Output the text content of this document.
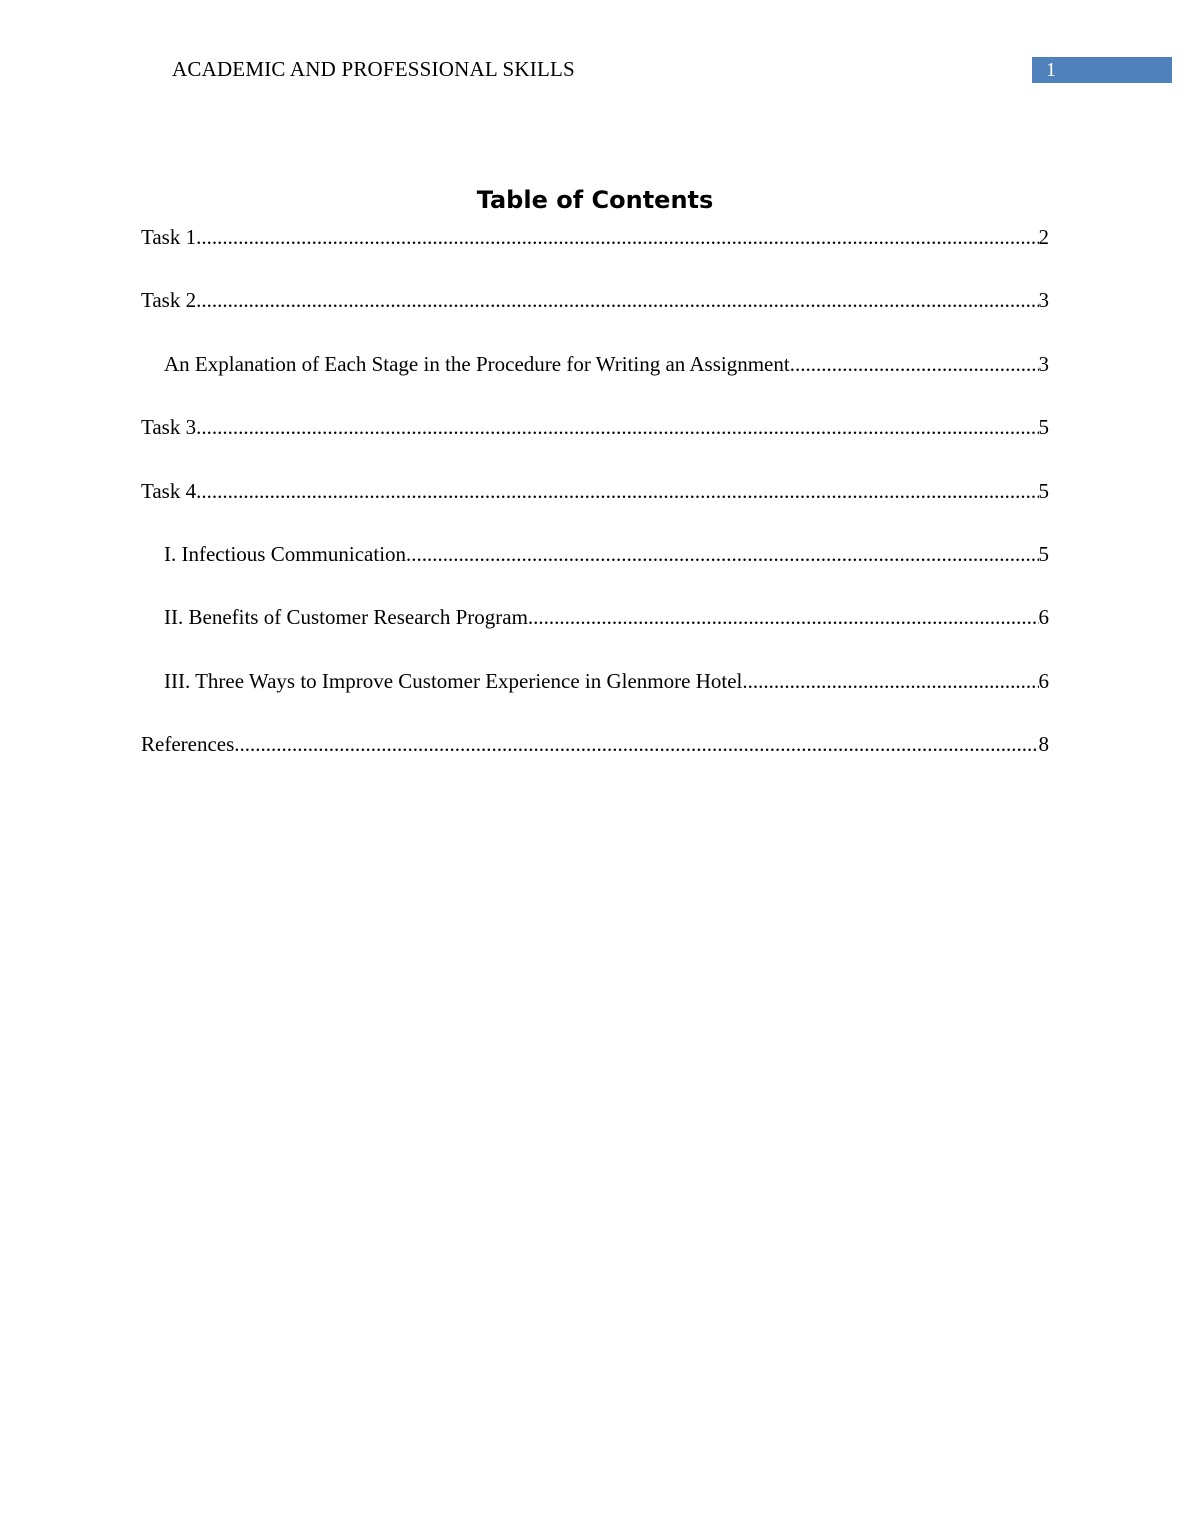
ACADEMIC AND PROFESSIONAL SKILLS	1
Table of Contents
Task 1 .....	2
Task 2 .....	3
An Explanation of Each Stage in the Procedure for Writing an Assignment .....	3
Task 3 .....	5
Task 4 .....	5
I. Infectious Communication .....	5
II. Benefits of Customer Research Program .....	6
III. Three Ways to Improve Customer Experience in Glenmore Hotel .....	6
References .....	8
